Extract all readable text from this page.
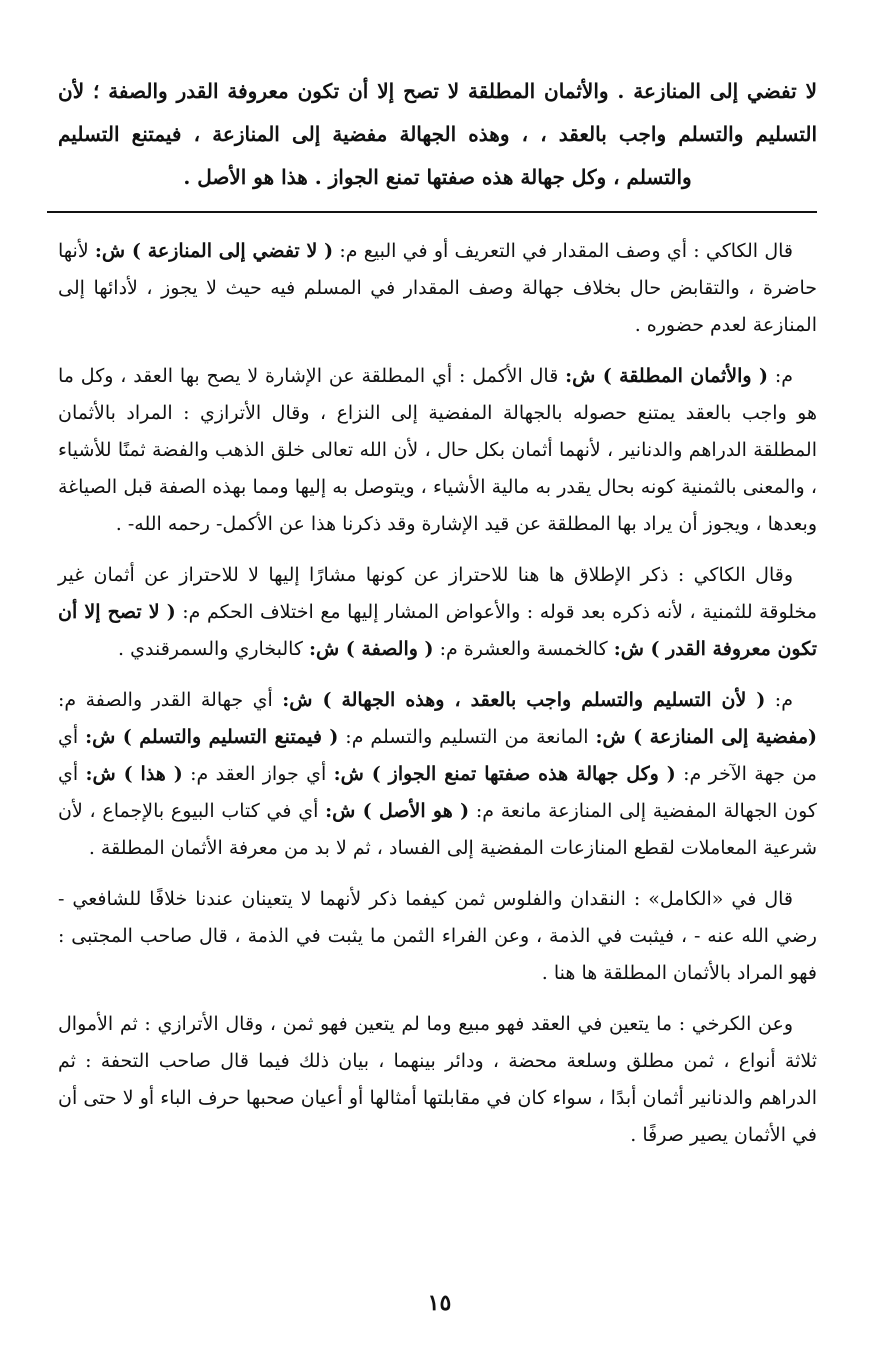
لا تفضي إلى المنازعة . والأثمان المطلقة لا تصح إلا أن تكون معروفة القدر والصفة ؛ لأن التسليم والتسلم واجب بالعقد ، ، وهذه الجهالة مفضية إلى المنازعة ، فيمتنع التسليم والتسلم ، وكل جهالة هذه صفتها تمنع الجواز . هذا هو الأصل .

قال الكاكي : أي وصف المقدار في التعريف أو في البيع م: ( لا تفضي إلى المنازعة ) ش: لأنها حاضرة ، والتقابض حال بخلاف جهالة وصف المقدار في المسلم فيه حيث لا يجوز ، لأدائها إلى المنازعة لعدم حضوره .

م: ( والأثمان المطلقة ) ش: قال الأكمل : أي المطلقة عن الإشارة لا يصح بها العقد ، وكل ما هو واجب بالعقد يمتنع حصوله بالجهالة المفضية إلى النزاع ، وقال الأترازي : المراد بالأثمان المطلقة الدراهم والدنانير ، لأنهما أثمان بكل حال ، لأن الله تعالى خلق الذهب والفضة ثمنًا للأشياء ، والمعنى بالثمنية كونه بحال يقدر به مالية الأشياء ، ويتوصل به إليها ومما بهذه الصفة قبل الصياغة وبعدها ، ويجوز أن يراد بها المطلقة عن قيد الإشارة وقد ذكرنا هذا عن الأكمل- رحمه الله- .

وقال الكاكي : ذكر الإطلاق ها هنا للاحتراز عن كونها مشارًا إليها لا للاحتراز عن أثمان غير مخلوقة للثمنية ، لأنه ذكره بعد قوله : والأعواض المشار إليها مع اختلاف الحكم م: ( لا تصح إلا أن تكون معروفة القدر ) ش: كالخمسة والعشرة م: ( والصفة ) ش: كالبخاري والسمرقندي .

م: ( لأن التسليم والتسلم واجب بالعقد ، وهذه الجهالة ) ش: أي جهالة القدر والصفة م: (مفضية إلى المنازعة ) ش: المانعة من التسليم والتسلم م: ( فيمتنع التسليم والتسلم ) ش: أي من جهة الآخر م: ( وكل جهالة هذه صفتها تمنع الجواز ) ش: أي جواز العقد م: ( هذا ) ش: أي كون الجهالة المفضية إلى المنازعة مانعة م: ( هو الأصل ) ش: أي في كتاب البيوع بالإجماع ، لأن شرعية المعاملات لقطع المنازعات المفضية إلى الفساد ، ثم لا بد من معرفة الأثمان المطلقة .

قال في «الكامل» : النقدان والفلوس ثمن كيفما ذكر لأنهما لا يتعينان عندنا خلافًا للشافعي - رضي الله عنه - ، فيثبت في الذمة ، وعن الفراء الثمن ما يثبت في الذمة ، قال صاحب المجتبى : فهو المراد بالأثمان المطلقة ها هنا .

وعن الكرخي : ما يتعين في العقد فهو مبيع وما لم يتعين فهو ثمن ، وقال الأترازي : ثم الأموال ثلاثة أنواع ، ثمن مطلق وسلعة محضة ، ودائر بينهما ، بيان ذلك فيما قال صاحب التحفة : ثم الدراهم والدنانير أثمان أبدًا ، سواء كان في مقابلتها أمثالها أو أعيان صحبها حرف الباء أو لا حتى أن في الأثمان يصير صرفًا .

١٥
